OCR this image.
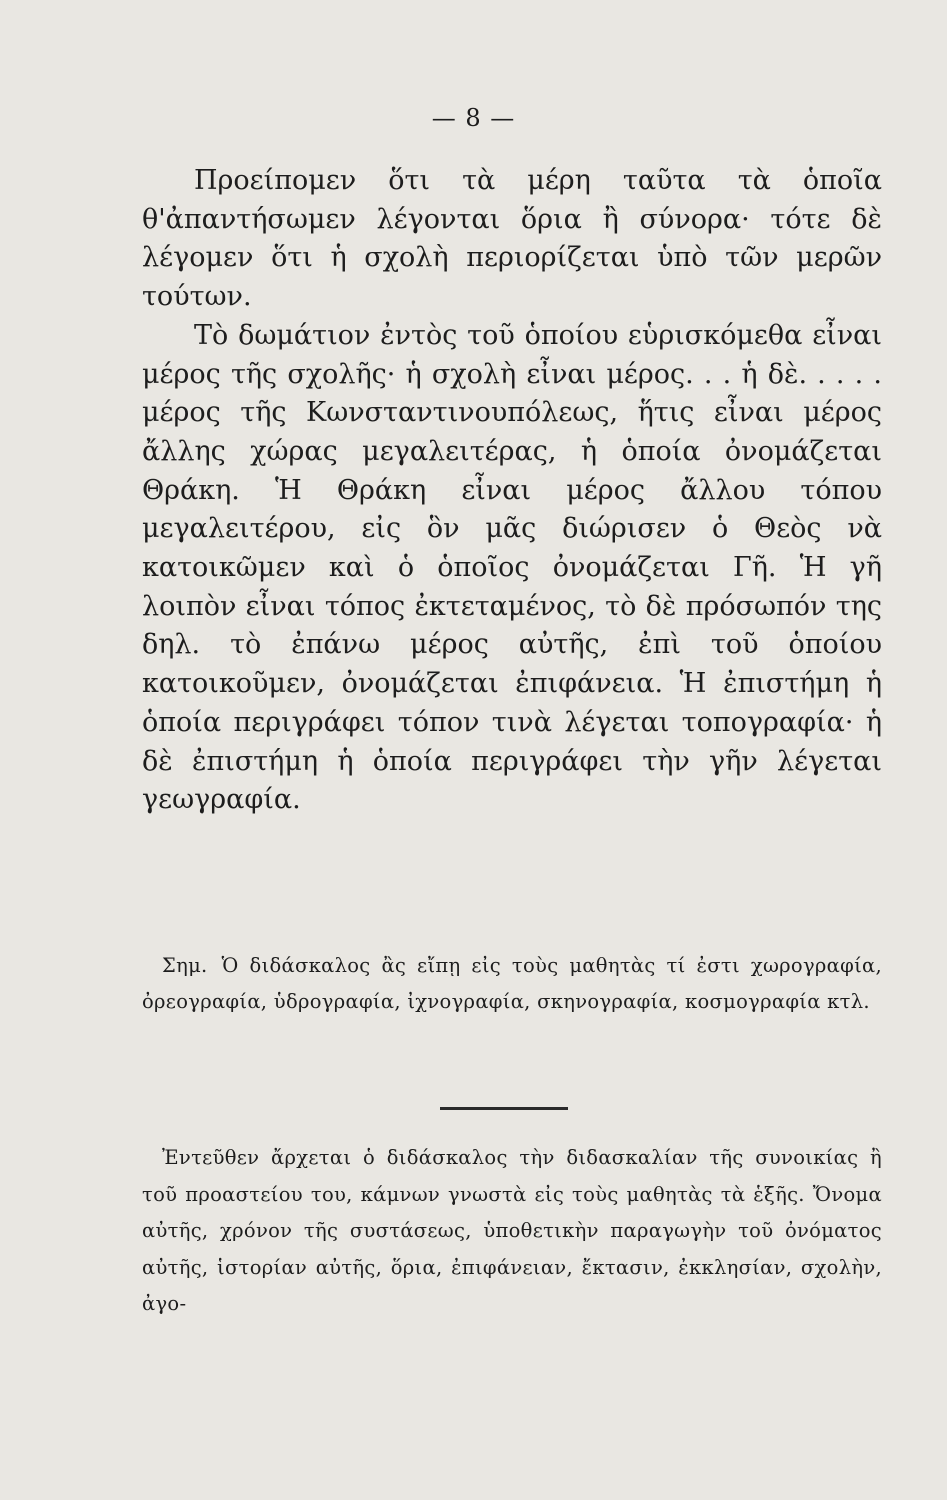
— 8 —

Προείπομεν ὅτι τὰ μέρη ταῦτα τὰ ὁποῖα θ'ἀπαντήσωμεν λέγονται ὅρια ἢ σύνορα· τότε δὲ λέγομεν ὅτι ἡ σχολὴ περιορίζεται ὑπὸ τῶν μερῶν τούτων.

Τὸ δωμάτιον ἐντὸς τοῦ ὁποίου εὑρισκόμεθα εἶναι μέρος τῆς σχολῆς· ἡ σχολὴ εἶναι μέρος. . . ἡ δὲ. . . . . μέρος τῆς Κωνσταντινουπόλεως, ἥτις εἶναι μέρος ἄλλης χώρας μεγαλειτέρας, ἡ ὁποία ὀνομάζεται Θράκη. Ἡ Θράκη εἶναι μέρος ἄλλου τόπου μεγαλειτέρου, εἰς ὃν μᾶς διώρισεν ὁ Θεὸς νὰ κατοικῶμεν καὶ ὁ ὁποῖος ὀνομάζεται Γῆ. Ἡ γῆ λοιπὸν εἶναι τόπος ἐκτεταμένος, τὸ δὲ πρόσωπόν της δηλ. τὸ ἐπάνω μέρος αὐτῆς, ἐπὶ τοῦ ὁποίου κατοικοῦμεν, ὀνομάζεται ἐπιφάνεια. Ἡ ἐπιστήμη ἡ ὁποία περιγράφει τόπον τινὰ λέγεται τοπογραφία· ἡ δὲ ἐπιστήμη ἡ ὁποία περιγράφει τὴν γῆν λέγεται γεωγραφία.

Σημ. Ὁ διδάσκαλος ἂς εἴπῃ εἰς τοὺς μαθητὰς τί ἐστι χωρογραφία, ὀρεογραφία, ὑδρογραφία, ἰχνογραφία, σκηνογραφία, κοσμογραφία κτλ.
Ἐντεῦθεν ἄρχεται ὁ διδάσκαλος τὴν διδασκαλίαν τῆς συνοικίας ἢ τοῦ προαστείου του, κάμνων γνωστὰ εἰς τοὺς μαθητὰς τὰ ἑξῆς. Ὄνομα αὐτῆς, χρόνον τῆς συστάσεως, ὑποθετικὴν παραγωγὴν τοῦ ὀνόματος αὐτῆς, ἱστορίαν αὐτῆς, ὅρια, ἐπιφάνειαν, ἔκτασιν, ἐκκλησίαν, σχολὴν, ἀγο-
